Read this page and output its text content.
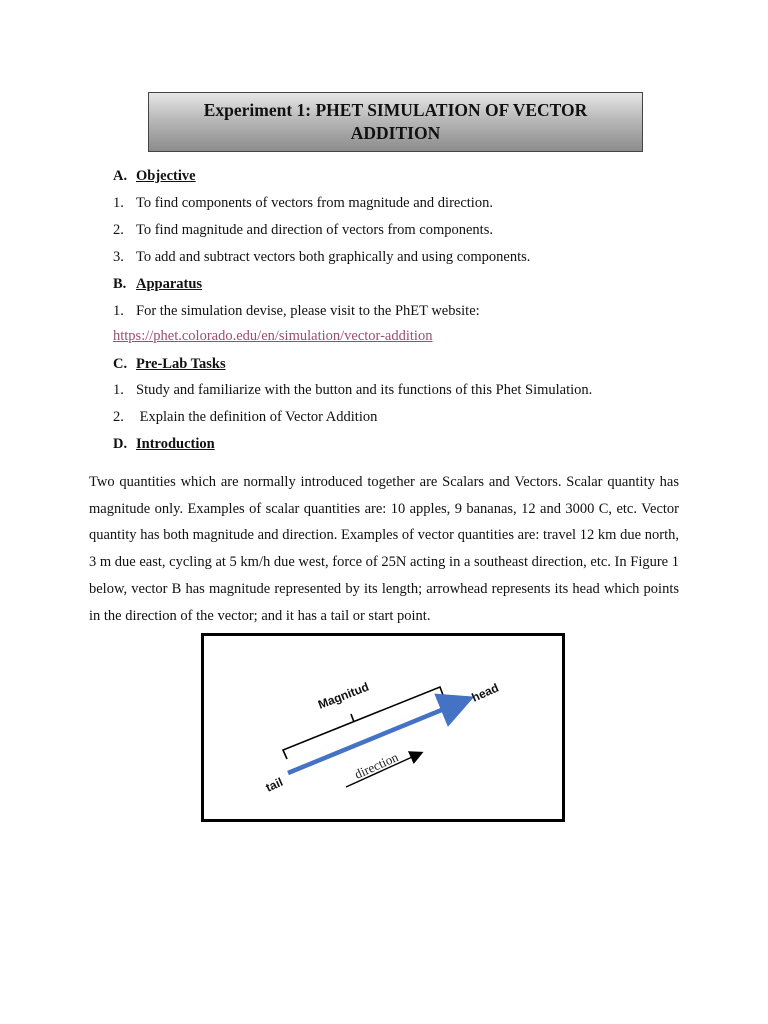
Experiment 1: PHET SIMULATION OF VECTOR
ADDITION
A. Objective
1. To find components of vectors from magnitude and direction.
2. To find magnitude and direction of vectors from components.
3. To add and subtract vectors both graphically and using components.
B. Apparatus
1. For the simulation devise, please visit to the PhET website:
https://phet.colorado.edu/en/simulation/vector-addition
C. Pre-Lab Tasks
1. Study and familiarize with the button and its functions of this Phet Simulation.
2. Explain the definition of Vector Addition
D. Introduction

Two quantities which are normally introduced together are Scalars and Vectors. Scalar quantity has magnitude only. Examples of scalar quantities are: 10 apples, 9 bananas, 12 and 3000 C, etc. Vector quantity has both magnitude and direction. Examples of vector quantities are: travel 12 km due north, 3 m due east, cycling at 5 km/h due west, force of 25N acting in a southeast direction, etc. In Figure 1 below, vector B has magnitude represented by its length; arrowhead represents its head which points in the direction of the vector; and it has a tail or start point.

Magnitud	head
tail
direction
